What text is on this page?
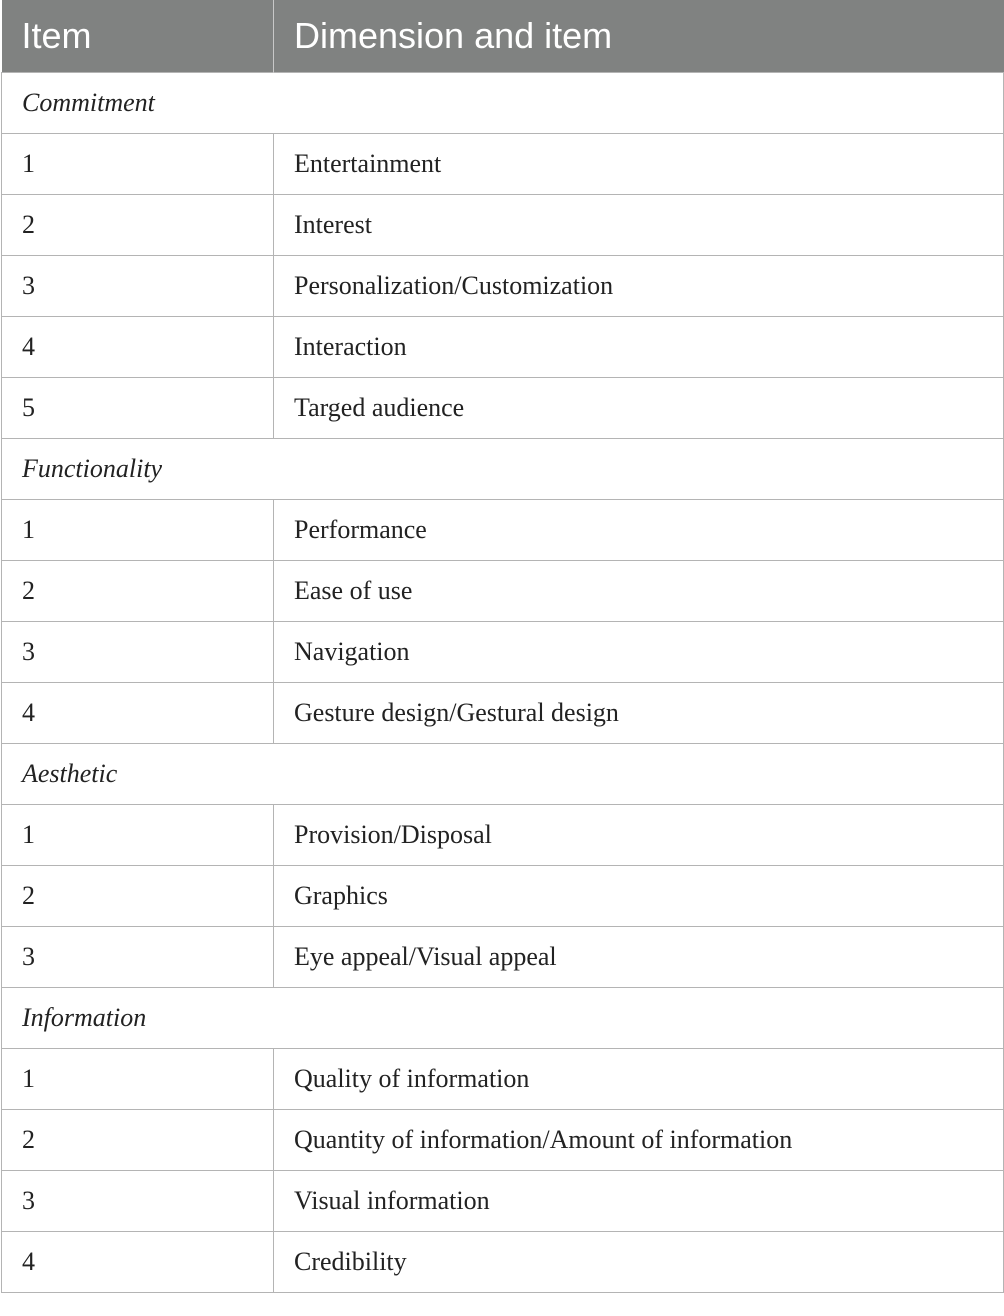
Item	Dimension and item
Commitment	
1	Entertainment
2	Interest
3	Personalization/Customization
4	Interaction
5	Targed audience
Functionality	
1	Performance
2	Ease of use
3	Navigation
4	Gesture design/Gestural design
Aesthetic	
1	Provision/Disposal
2	Graphics
3	Eye appeal/Visual appeal
Information	
1	Quality of information
2	Quantity of information/Amount of information
3	Visual information
4	Credibility
